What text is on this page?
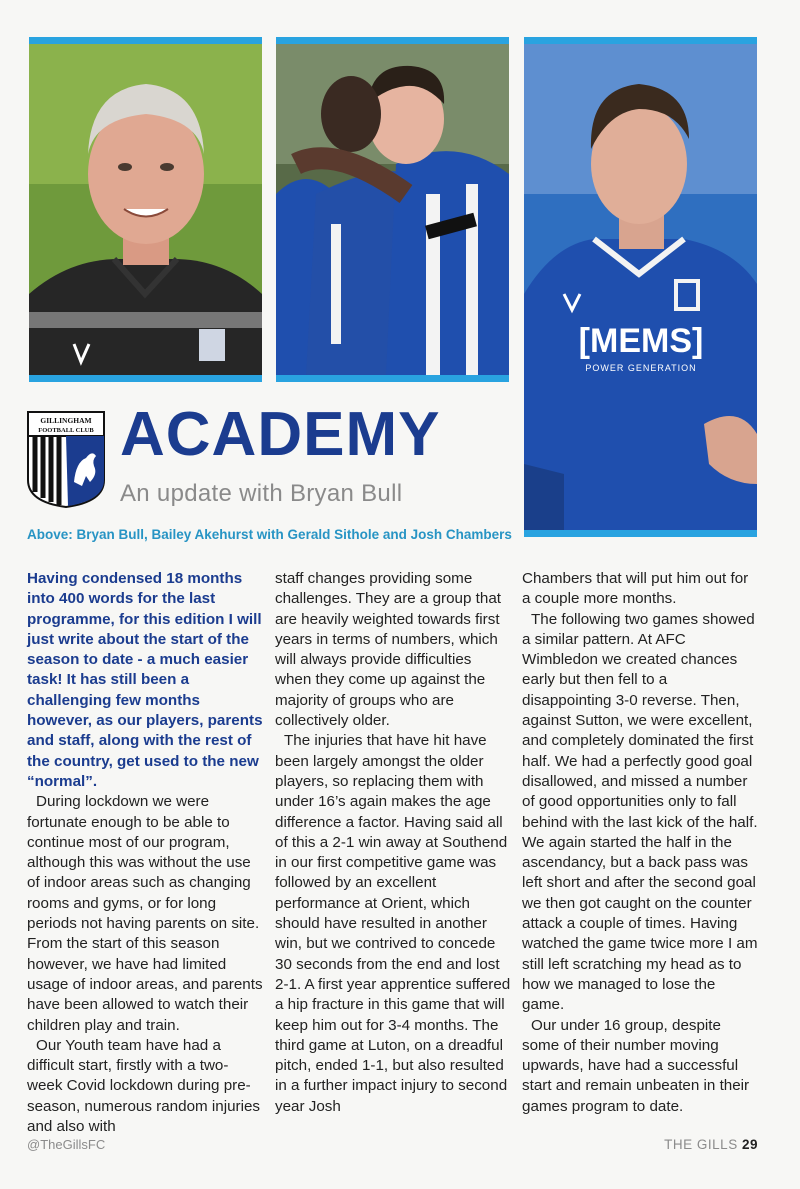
[MEMS]
POWER GENERATION
GILLINGHAM
FOOTBALL CLUB ACADEMY

An update with Bryan Bull

Above: Bryan Bull, Bailey Akehurst with Gerald Sithole and Josh Chambers

Having condensed 18 months into 400 words for the last programme, for this edition I will just write about the start of the season to date - a much easier task! It has still been a challenging few months however, as our players, parents and staff, along with the rest of the country, get used to the new “normal”.

During lockdown we were fortunate enough to be able to continue most of our program, although this was without the use of indoor areas such as changing rooms and gyms, or for long periods not having parents on site. From the start of this season however, we have had limited usage of indoor areas, and parents have been allowed to watch their children play and train.

Our Youth team have had a difficult start, firstly with a two-week Covid lockdown during pre-season, numerous random injuries and also with

staff changes providing some challenges. They are a group that are heavily weighted towards first years in terms of numbers, which will always provide difficulties when they come up against the majority of groups who are collectively older.

The injuries that have hit have been largely amongst the older players, so replacing them with under 16’s again makes the age difference a factor. Having said all of this a 2-1 win away at Southend in our first competitive game was followed by an excellent performance at Orient, which should have resulted in another win, but we contrived to concede 30 seconds from the end and lost 2-1. A first year apprentice suffered a hip fracture in this game that will keep him out for 3-4 months. The third game at Luton, on a dreadful pitch, ended 1-1, but also resulted in a further impact injury to second year Josh

Chambers that will put him out for a couple more months.

The following two games showed a similar pattern. At AFC Wimbledon we created chances early but then fell to a disappointing 3-0 reverse. Then, against Sutton, we were excellent, and completely dominated the first half. We had a perfectly good goal disallowed, and missed a number of good opportunities only to fall behind with the last kick of the half. We again started the half in the ascendancy, but a back pass was left short and after the second goal we then got caught on the counter attack a couple of times. Having watched the game twice more I am still left scratching my head as to how we managed to lose the game.

Our under 16 group, despite some of their number moving upwards, have had a successful start and remain unbeaten in their games program to date.

@TheGillsFC	THE GILLS 29
